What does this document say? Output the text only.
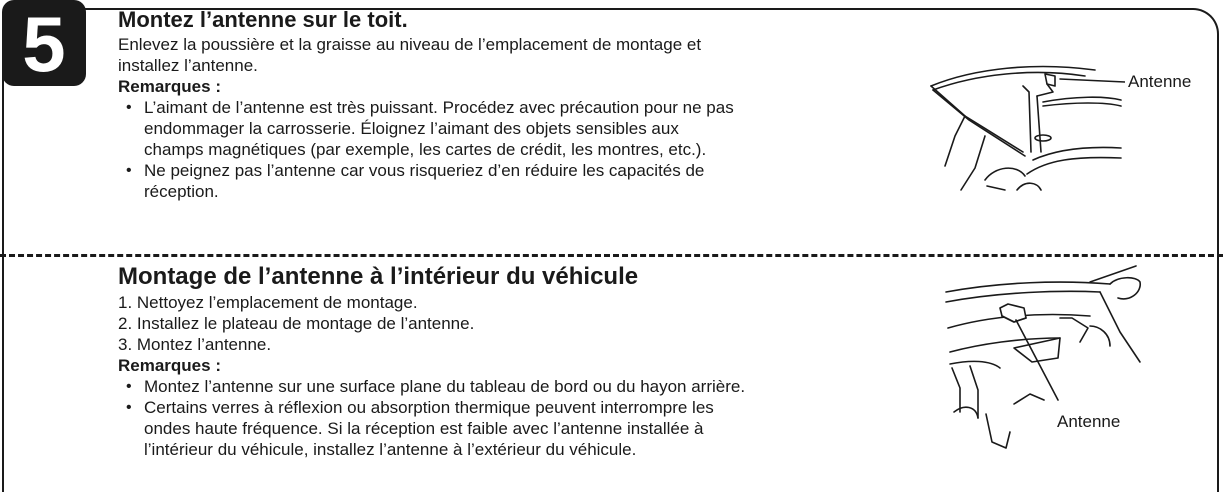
5 Montez l’antenne sur le toit.

Enlevez la poussière et la graisse au niveau de l’emplacement de montage et

installez l’antenne.

Remarques :

• L’aimant de l’antenne est très puissant. Procédez avec précaution pour ne pas
endommager la carrosserie. Éloignez l’aimant des objets sensibles aux
champs magnétiques (par exemple, les cartes de crédit, les montres, etc.).
• Ne peignez pas l’antenne car vous risqueriez d’en réduire les capacités de
réception.
Antenne
Montage de l’antenne à l’intérieur du véhicule
1. Nettoyez l’emplacement de montage.
2. Installez le plateau de montage de l’antenne.
3. Montez l’antenne.

Remarques :

• Montez l’antenne sur une surface plane du tableau de bord ou du hayon arrière.
• Certains verres à réflexion ou absorption thermique peuvent interrompre les
ondes haute fréquence. Si la réception est faible avec l’antenne installée à
l’intérieur du véhicule, installez l’antenne à l’extérieur du véhicule.
Antenne
